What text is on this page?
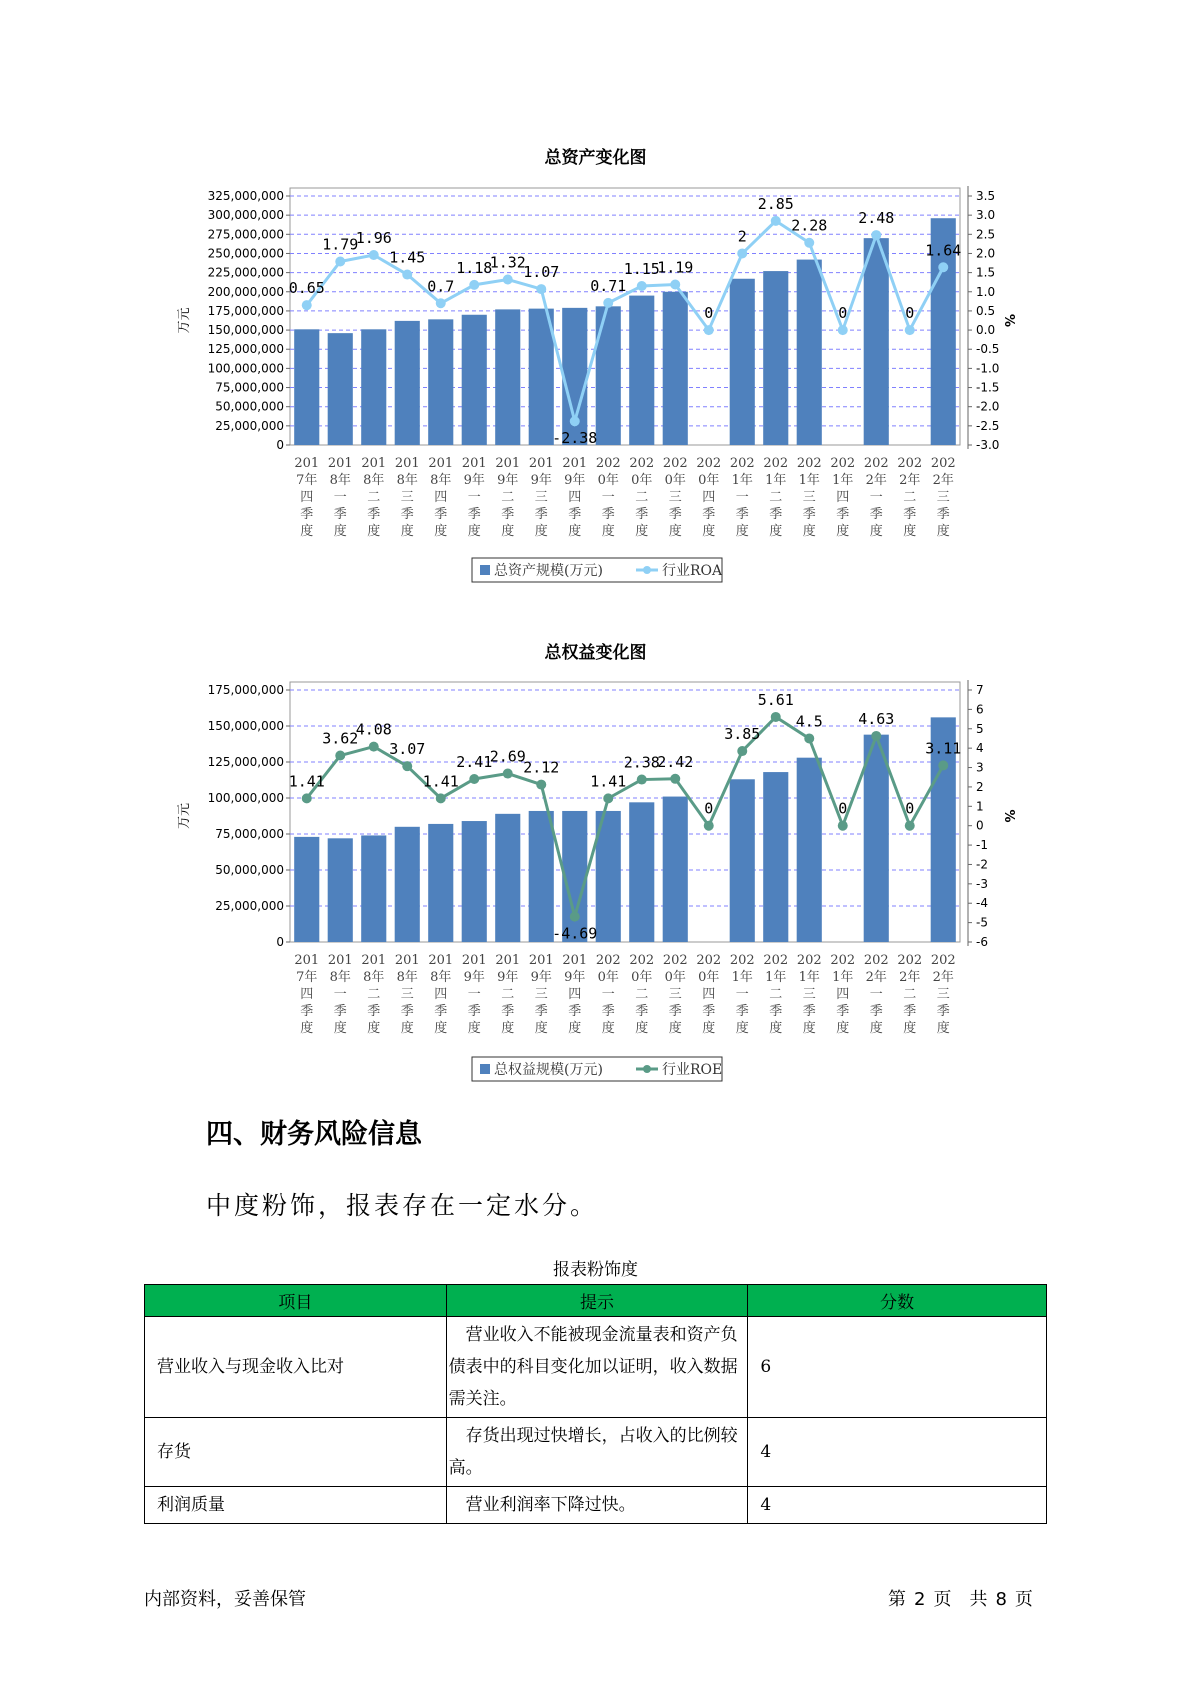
总资产变化图
0
25,000,000
50,000,000
75,000,000
100,000,000
125,000,000
150,000,000
175,000,000
200,000,000
225,000,000
250,000,000
275,000,000
300,000,000
325,000,000
-3.0
-2.5
-2.0
-1.5
-1.0
-0.5
0.0
0.5
1.0
1.5
2.0
2.5
3.0
3.5
万元	%
0.65
1.79
1.96
1.45
0.7
1.18
1.32
1.07
-2.38
0.71
1.15
1.19
0
2
2.85
2.28
0
2.48
0
1.64
201 201 201 201 201 201 201 201 201 202 202 202 202 202 202 202 202 202 202 202
7年 8年 8年 8年 8年 9年 9年 9年 9年 0年 0年 0年 0年 1年 1年 1年 1年 2年 2年 2年
四 一 二 三 四 一 二 三 四 一 二 三 四 一 二 三 四 一 二 三
季 季 季 季 季 季 季 季 季 季 季 季 季 季 季 季 季 季 季 季
度 度 度 度 度 度 度 度 度 度 度 度 度 度 度 度 度 度 度 度
总资产规模(万元)	行业ROA
总权益变化图
0
25,000,000
50,000,000
75,000,000
100,000,000
125,000,000
150,000,000
175,000,000
-6
-5
-4
-3
-2
-1
0
1
2
3
4
5
6
7
万元	%
1.41
3.62
4.08
3.07
1.41
2.41
2.69
2.12
-4.69
1.41
2.38
2.42
0
3.85
5.61
4.5
0
4.63
0
3.11
201 201 201 201 201 201 201 201 201 202 202 202 202 202 202 202 202 202 202 202
7年 8年 8年 8年 8年 9年 9年 9年 9年 0年 0年 0年 0年 1年 1年 1年 1年 2年 2年 2年
四 一 二 三 四 一 二 三 四 一 二 三 四 一 二 三 四 一 二 三
季 季 季 季 季 季 季 季 季 季 季 季 季 季 季 季 季 季 季 季
度 度 度 度 度 度 度 度 度 度 度 度 度 度 度 度 度 度 度 度
总权益规模(万元)	行业ROE
四、财务风险信息
中度粉饰，报表存在一定水分。
报表粉饰度
项目	提示	分数
营业收入与现金收入比对	　营业收入不能被现金流量表和资产负债表中的科目变化加以证明，收入数据需关注。	6
存货	　存货出现过快增长，占收入的比例较高。	4
利润质量	　营业利润率下降过快。	4
内部资料，妥善保管	第 2 页　共 8 页
